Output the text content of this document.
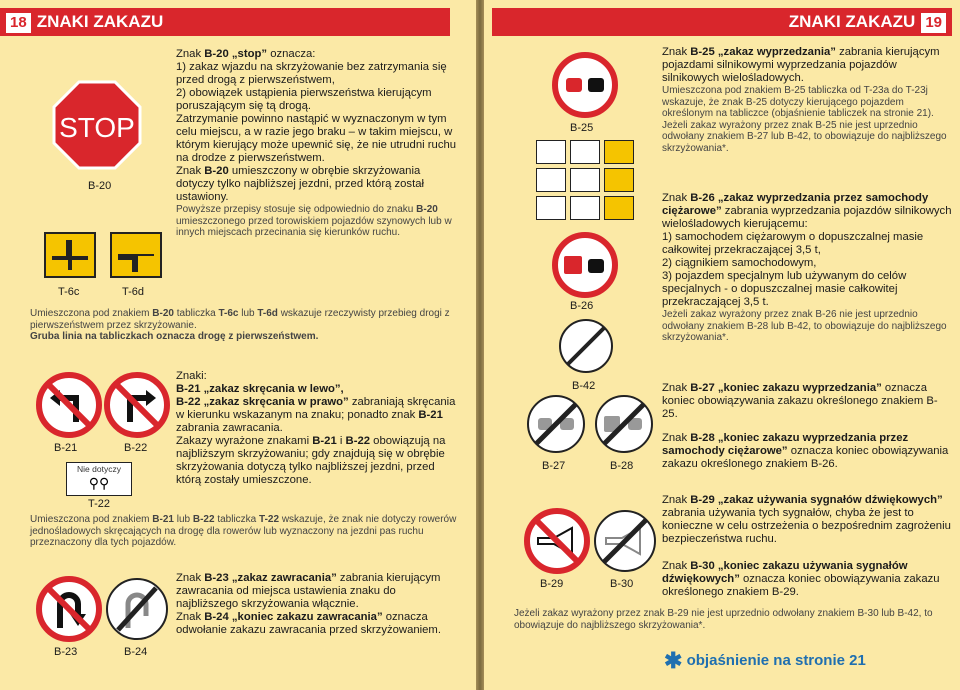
18 ZNAKI ZAKAZU
STOP
B-20
T-6c	T-6d
Znak B-20 „stop” oznacza:
1) zakaz wjazdu na skrzyżowanie bez zatrzymania się przed drogą z pierwszeństwem,
2) obowiązek ustąpienia pierwszeństwa kierującym poruszającym się tą drogą.
Zatrzymanie powinno nastąpić w wyznaczonym w tym celu miejscu, a w razie jego braku – w takim miejscu, w którym kierujący może upewnić się, że nie utrudni ruchu na drodze z pierwszeństwem.
Znak B-20 umieszczony w obrębie skrzyżowania dotyczy tylko najbliższej jezdni, przed którą został ustawiony.
Powyższe przepisy stosuje się odpowiednio do znaku B-20 umieszczonego przed torowiskiem pojazdów szynowych lub w innych miejscach przecinania się kierunków ruchu.
Umieszczona pod znakiem B-20 tabliczka T-6c lub T-6d wskazuje rzeczywisty przebieg drogi z pierwszeństwem przez skrzyżowanie.
Gruba linia na tabliczkach oznacza drogę z pierwszeństwem.
B-21	B-22
Nie dotyczy
⚲⚲
T-22
Znaki:
B-21 „zakaz skręcania w lewo”,
B-22 „zakaz skręcania w prawo” zabraniają skręcania w kierunku wskazanym na znaku; ponadto znak B-21 zabrania zawracania.
Zakazy wyrażone znakami B-21 i B-22 obowiązują na najbliższym skrzyżowaniu; gdy znajdują się w obrębie skrzyżowania dotyczą tylko najbliższej jezdni, przed którą zostały umieszczone.
Umieszczona pod znakiem B-21 lub B-22 tabliczka T-22 wskazuje, że znak nie dotyczy rowerów jednośladowych skręcających na drogę dla rowerów lub wyznaczony na jezdni pas ruchu przeznaczony dla tych pojazdów.
B-23	B-24
Znak B-23 „zakaz zawracania” zabrania kierującym zawracania od miejsca ustawienia znaku do najbliższego skrzyżowania włącznie.
Znak B-24 „koniec zakazu zawracania” oznacza odwołanie zakazu zawracania przed skrzyżowaniem.
ZNAKI ZAKAZU 19
B-25
B-26
B-42
B-27	B-28
B-29	B-30
Znak B-25 „zakaz wyprzedzania” zabrania kierującym pojazdami silnikowymi wyprzedzania pojazdów silnikowych wielośladowych.
Umieszczona pod znakiem B-25 tabliczka od T-23a do T-23j wskazuje, że znak B-25 dotyczy kierującego pojazdem określonym na tabliczce (objaśnienie tabliczek na stronie 21).
Jeżeli zakaz wyrażony przez znak B-25 nie jest uprzednio odwołany znakiem B-27 lub B-42, to obowiązuje do najbliższego skrzyżowania*.
Znak B-26 „zakaz wyprzedzania przez samochody ciężarowe” zabrania wyprzedzania pojazdów silnikowych wielośladowych kierującemu:
1) samochodem ciężarowym o dopuszczalnej masie całkowitej przekraczającej 3,5 t,
2) ciągnikiem samochodowym,
3) pojazdem specjalnym lub używanym do celów specjalnych - o dopuszczalnej masie całkowitej przekraczającej 3,5 t.
Jeżeli zakaz wyrażony przez znak B-26 nie jest uprzednio odwołany znakiem B-28 lub B-42, to obowiązuje do najbliższego skrzyżowania*.
Znak B-27 „koniec zakazu wyprzedzania” oznacza koniec obowiązywania zakazu określonego znakiem B-25.
Znak B-28 „koniec zakazu wyprzedzania przez samochody ciężarowe” oznacza koniec obowiązywania zakazu określonego znakiem B-26.
Znak B-29 „zakaz używania sygnałów dźwiękowych” zabrania używania tych sygnałów, chyba że jest to konieczne w celu ostrzeżenia o bezpośrednim zagrożeniu bezpieczeństwa ruchu.
Znak B-30 „koniec zakazu używania sygnałów dźwiękowych” oznacza koniec obowiązywania zakazu określonego znakiem B-29.
Jeżeli zakaz wyrażony przez znak B-29 nie jest uprzednio odwołany znakiem B-30 lub B-42, to obowiązuje do najbliższego skrzyżowania*.
✱ objaśnienie na stronie 21
